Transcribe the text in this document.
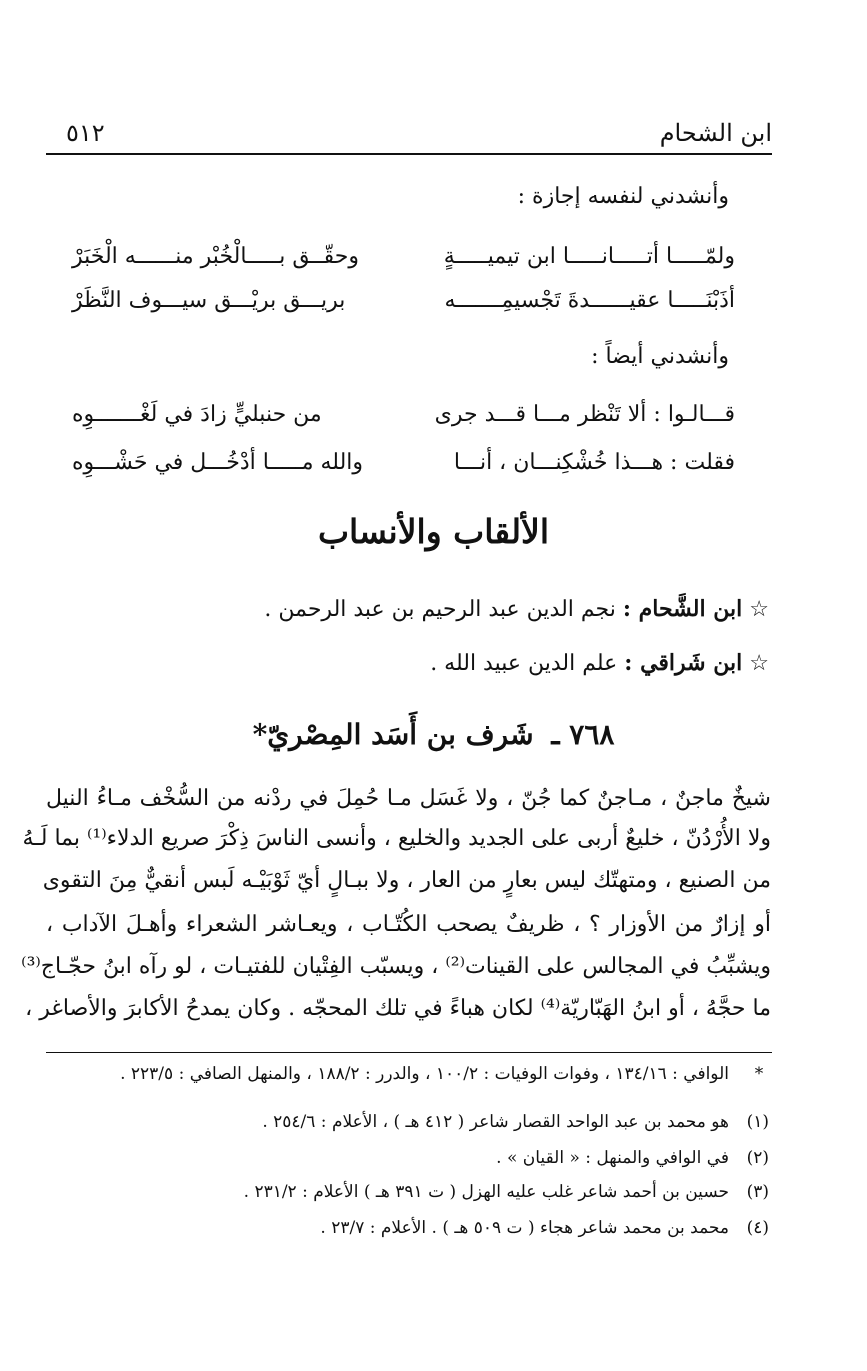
ابن الشحام
٥١٢
وأنشدني لنفسه إجازة :
ولمّـــــا أتـــــانـــــا ابن تيميـــــةٍ
وحقّــق بـــــالْخُبْر منــــــه الْخَبَرْ
أذَبْنَـــــا عقيــــــدةَ تَجْسيمِـــــــه
بريـــق بريْـــق سيـــوف النَّظَرْ
وأنشدني أيضاً :
قـــالـوا : ألا تَنْظر مـــا قـــد جرى
من حنبليٍّ زادَ في لَغْـــــــوِه
فقلت : هـــذا خُشْكِنـــان ، أنـــا
والله مـــــا أدْخُـــل في حَشْـــوِه
الألقاب والأنساب
☆ ابن الشَّحام : نجم الدين عبد الرحيم بن عبد الرحمن .
☆ ابن شَراقي : علم الدين عبيد الله .
٧٦٨ ـ شَرف بن أَسَد المِصْريّ*
شيخٌ ماجنٌ ، مـاجنٌ كما جُنّ ، ولا غَسَل مـا حُمِلَ في ردْنه من السُّخْف مـاءُ النيل
ولا الأُرْدُنّ ، خليعٌ أربى على الجديد والخليع ، وأنسى الناسَ ذِكْرَ صريع الدلاء⁽¹⁾ بما لَـهُ
من الصنيع ، ومتهتّك ليس بعارٍ من العار ، ولا ببـالٍ أيّ ثَوْبَيْـه لَبس أنقيٌّ مِنَ التقوى
أو إزارٌ من الأوزار ؟ ، ظريفٌ يصحب الكُتّـاب ، ويعـاشر الشعراء وأهـلَ الآداب ،
ويشبِّبُ في المجالس على القينات⁽²⁾ ، ويسبّب الفِتْيان للفتيـات ، لو رآه ابنُ حجّـاج⁽³⁾
ما حجَّهُ ، أو ابنُ الهَبّاريّة⁽⁴⁾ لكان هباءً في تلك المحجّه . وكان يمدحُ الأكابرَ والأصاغر ،
*
الوافي : ١٣٤/١٦ ، وفوات الوفيات : ١٠٠/٢ ، والدرر : ١٨٨/٢ ، والمنهل الصافي : ٢٢٣/٥ .
(١)
هو محمد بن عبد الواحد القصار شاعر ( ٤١٢ هـ ) ، الأعلام : ٢٥٤/٦ .
(٢)
في الوافي والمنهل : « القيان » .
(٣)
حسين بن أحمد شاعر غلب عليه الهزل ( ت ٣٩١ هـ ) الأعلام : ٢٣١/٢ .
(٤)
محمد بن محمد شاعر هجاء ( ت ٥٠٩ هـ ) . الأعلام : ٢٣/٧ .
